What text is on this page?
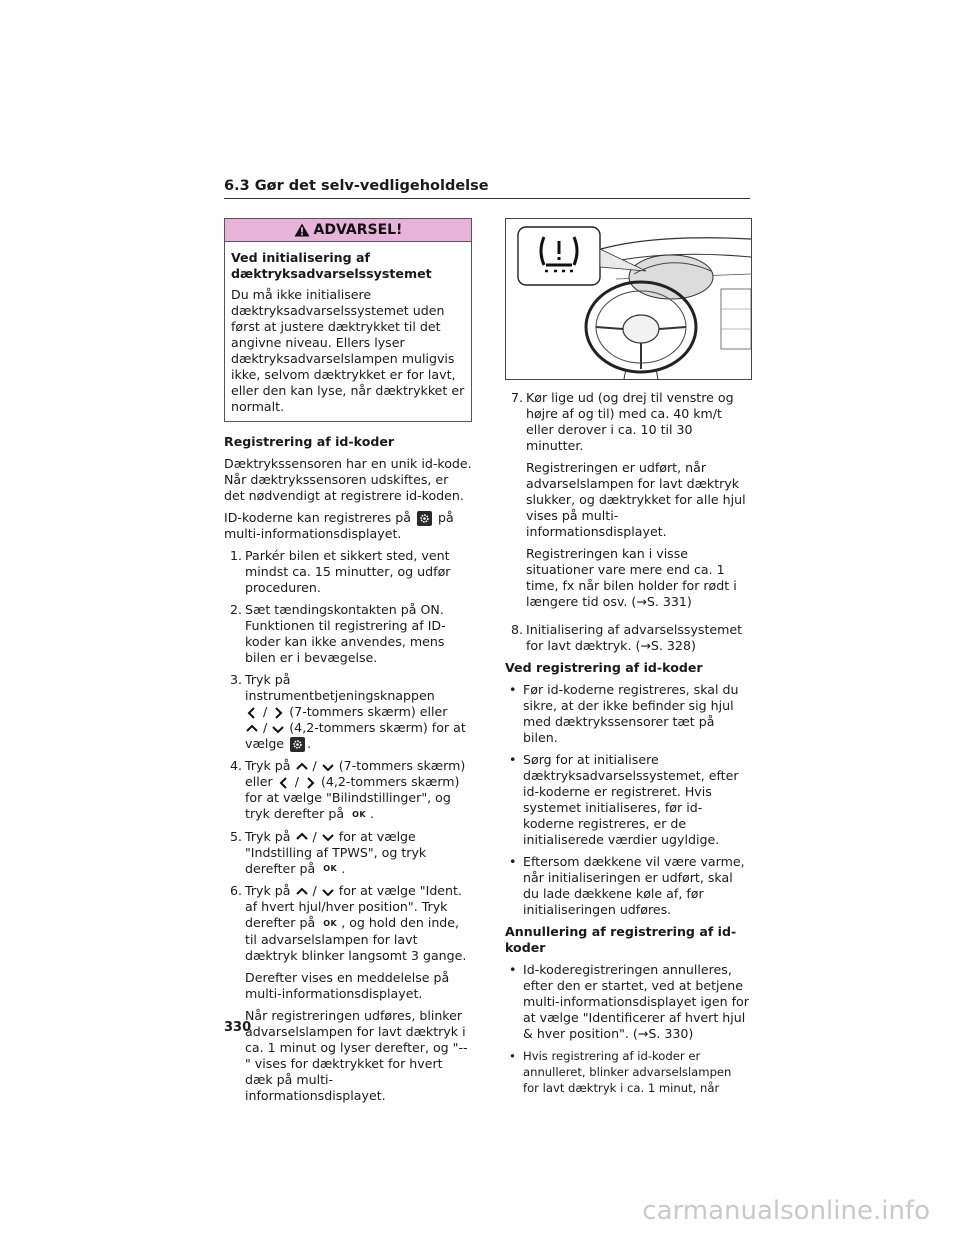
6.3 Gør det selv-vedligeholdelse
ADVARSEL!
Ved initialisering af dæktryksadvarselssystemet
Du må ikke initialisere dæktryksadvarselssystemet uden først at justere dæktrykket til det angivne niveau. Ellers lyser dæktryksadvarselslampen muligvis ikke, selvom dæktrykket er for lavt, eller den kan lyse, når dæktrykket er normalt.
Registrering af id-koder

Dæktrykssensoren har en unik id-kode. Når dæktrykssensoren udskiftes, er det nødvendigt at registrere id-koden.

ID-koderne kan registreres på på multi-informationsdisplayet.

1. Parkér bilen et sikkert sted, vent mindst ca. 15 minutter, og udfør proceduren.
2. Sæt tændingskontakten på ON. Funktionen til registrering af ID-koder kan ikke anvendes, mens bilen er i bevægelse.
3. Tryk på instrumentbetjeningsknappen
/  (7-tommers skærm) eller
/  (4,2-tommers skærm) for at vælge .
4. Tryk på  /  (7-tommers skærm) eller  /  (4,2-tommers skærm) for at vælge "Bilindstillinger", og tryk derefter på OK .
5. Tryk på  /  for at vælge "Indstilling af TPWS", og tryk derefter på OK .
6. Tryk på  /  for at vælge "Ident. af hvert hjul/hver position". Tryk derefter på OK , og hold den inde, til advarselslampen for lavt dæktryk blinker langsomt 3 gange.

Derefter vises en meddelelse på multi-informationsdisplayet.

Når registreringen udføres, blinker advarselslampen for lavt dæktryk i ca. 1 minut og lyser derefter, og "--" vises for dæktrykket for hvert dæk på multi-informationsdisplayet.

7. Kør lige ud (og drej til venstre og højre af og til) med ca. 40 km/t eller derover i ca. 10 til 30 minutter.

Registreringen er udført, når advarselslampen for lavt dæktryk slukker, og dæktrykket for alle hjul vises på multi-informationsdisplayet.

Registreringen kan i visse situationer vare mere end ca. 1 time, fx når bilen holder for rødt i længere tid osv. (→S. 331)

8. Initialisering af advarselssystemet for lavt dæktryk. (→S. 328)
Ved registrering af id-koder
• Før id-koderne registreres, skal du sikre, at der ikke befinder sig hjul med dæktrykssensorer tæt på bilen.
• Sørg for at initialisere dæktryksadvarselssystemet, efter id-koderne er registreret. Hvis systemet initialiseres, før id-koderne registreres, er de initialiserede værdier ugyldige.
• Eftersom dækkene vil være varme, når initialiseringen er udført, skal du lade dækkene køle af, før initialiseringen udføres.
Annullering af registrering af id-koder
• Id-koderegistreringen annulleres, efter den er startet, ved at betjene multi-informationsdisplayet igen for at vælge "Identificerer af hvert hjul & hver position". (→S. 330)
• Hvis registrering af id-koder er annulleret, blinker advarselslampen for lavt dæktryk i ca. 1 minut, når
330
carmanualsonline.info
